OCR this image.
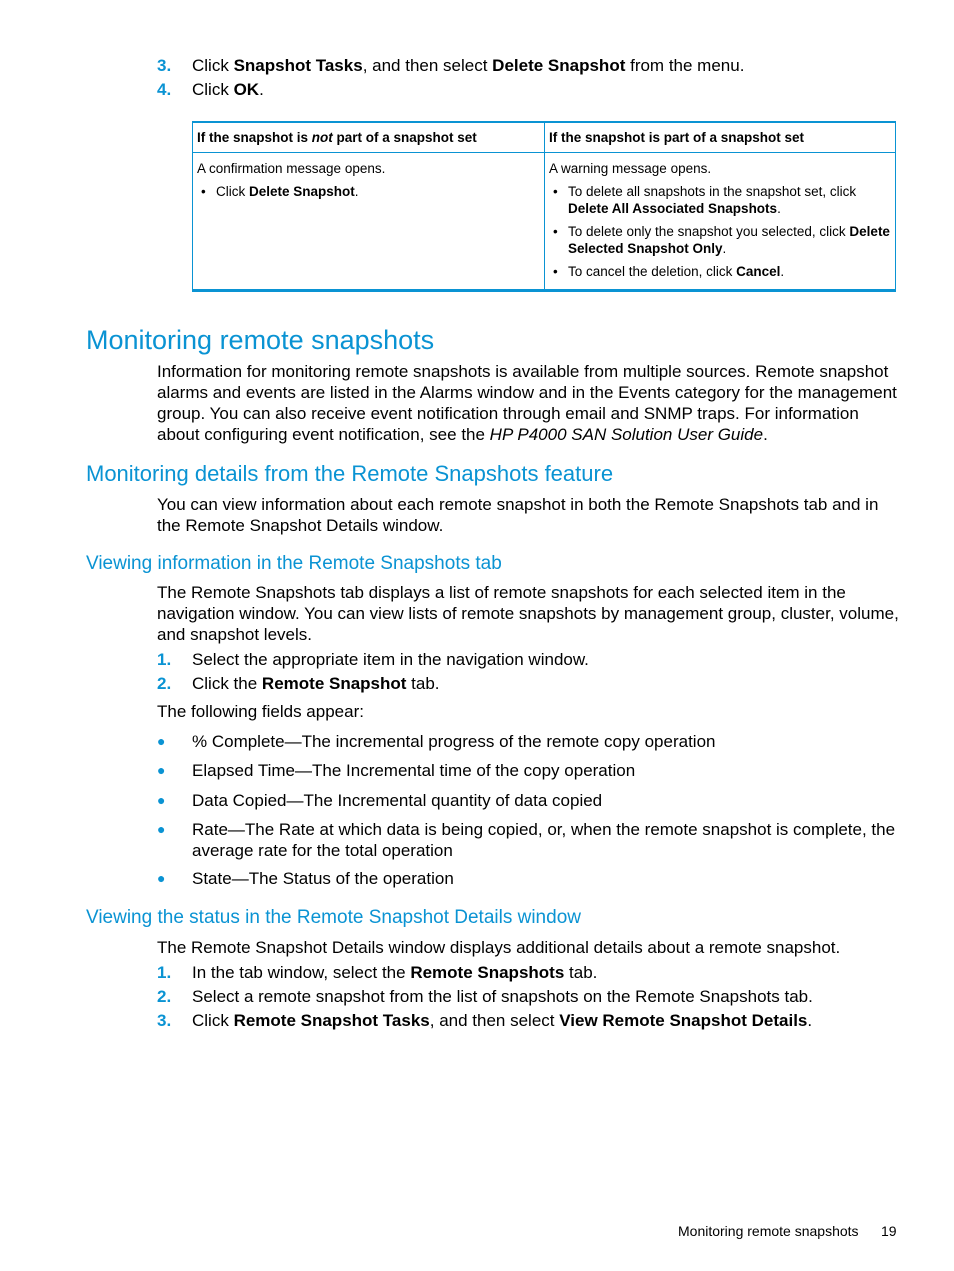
3. Click Snapshot Tasks, and then select Delete Snapshot from the menu.
4. Click OK.
If the snapshot is not part of a snapshot set	If the snapshot is part of a snapshot set
A confirmation message opens.
• Click Delete Snapshot.
A warning message opens.
• To delete all snapshots in the snapshot set, click Delete All Associated Snapshots.
• To delete only the snapshot you selected, click Delete Selected Snapshot Only.
• To cancel the deletion, click Cancel.
Monitoring remote snapshots
Information for monitoring remote snapshots is available from multiple sources. Remote snapshot alarms and events are listed in the Alarms window and in the Events category for the management group. You can also receive event notification through email and SNMP traps. For information about configuring event notification, see the HP P4000 SAN Solution User Guide.
Monitoring details from the Remote Snapshots feature
You can view information about each remote snapshot in both the Remote Snapshots tab and in the Remote Snapshot Details window.
Viewing information in the Remote Snapshots tab
The Remote Snapshots tab displays a list of remote snapshots for each selected item in the navigation window. You can view lists of remote snapshots by management group, cluster, volume, and snapshot levels.
1. Select the appropriate item in the navigation window.
2. Click the Remote Snapshot tab.
The following fields appear:
● % Complete—The incremental progress of the remote copy operation
● Elapsed Time—The Incremental time of the copy operation
● Data Copied—The Incremental quantity of data copied
● Rate—The Rate at which data is being copied, or, when the remote snapshot is complete, the average rate for the total operation
● State—The Status of the operation
Viewing the status in the Remote Snapshot Details window
The Remote Snapshot Details window displays additional details about a remote snapshot.
1. In the tab window, select the Remote Snapshots tab.
2. Select a remote snapshot from the list of snapshots on the Remote Snapshots tab.
3. Click Remote Snapshot Tasks, and then select View Remote Snapshot Details.
Monitoring remote snapshots 19
